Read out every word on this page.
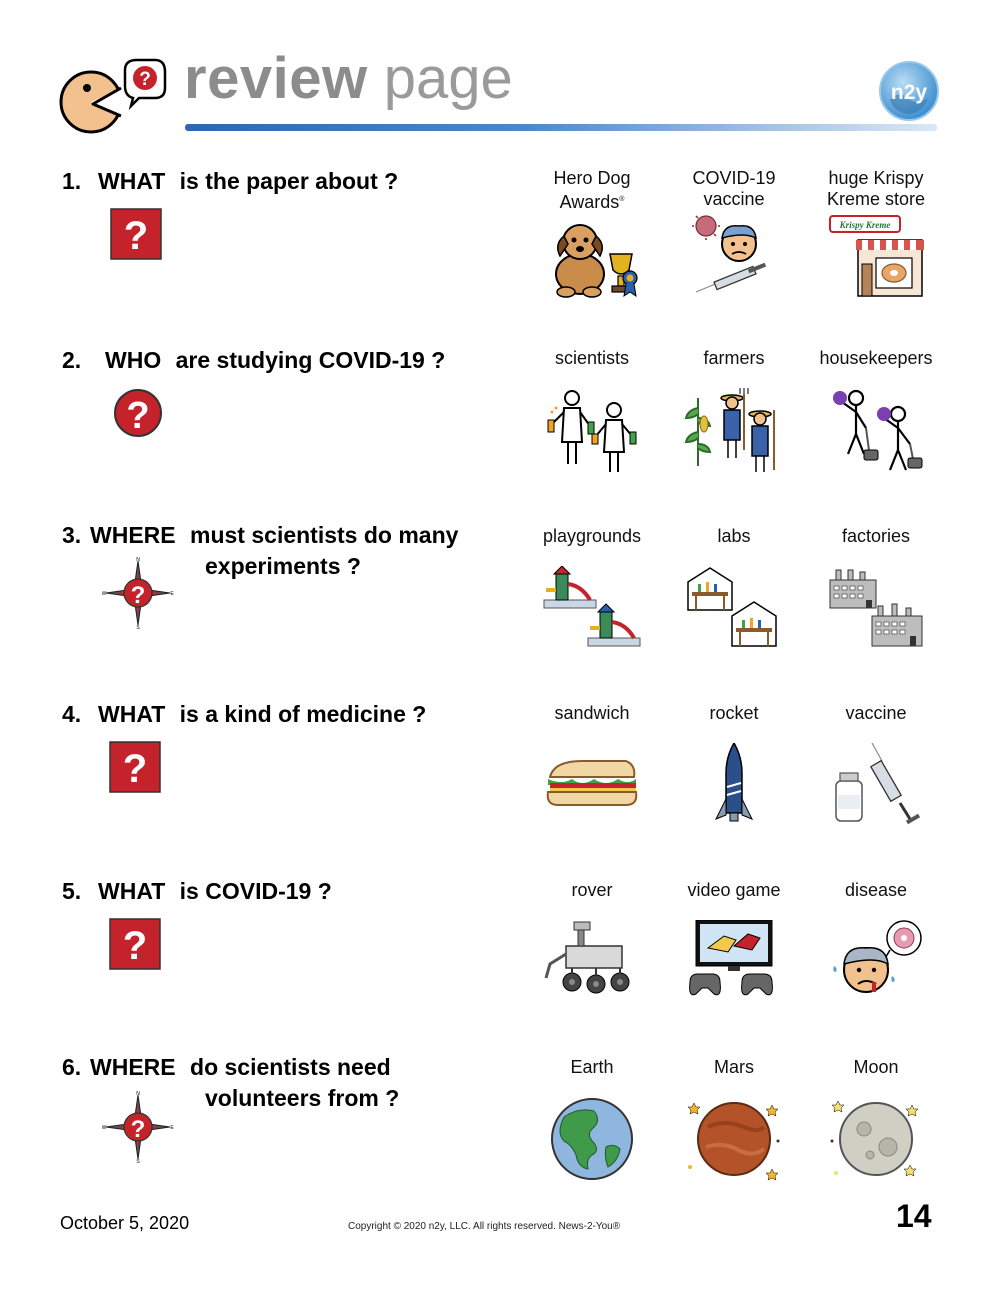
? review page	n2y
1. WHAT is the paper about ?
?
Hero Dog Awards®
COVID-19 vaccine
huge Krispy Kreme store
Krispy Kreme
2. WHO are studying COVID-19 ?
?
scientists	farmers	housekeepers
3. WHERE must scientists do many
experiments ?
?
N
S
E
W
playgrounds	labs	factories
4. WHAT is a kind of medicine ?
?
sandwich	rocket	vaccine
5. WHAT is COVID-19 ?
?
rover	video game	disease
6. WHERE do scientists need
volunteers from ?
?
N
S
E
W
Earth	Mars	Moon
October 5, 2020	Copyright © 2020 n2y, LLC. All rights reserved. News-2-You®	14
